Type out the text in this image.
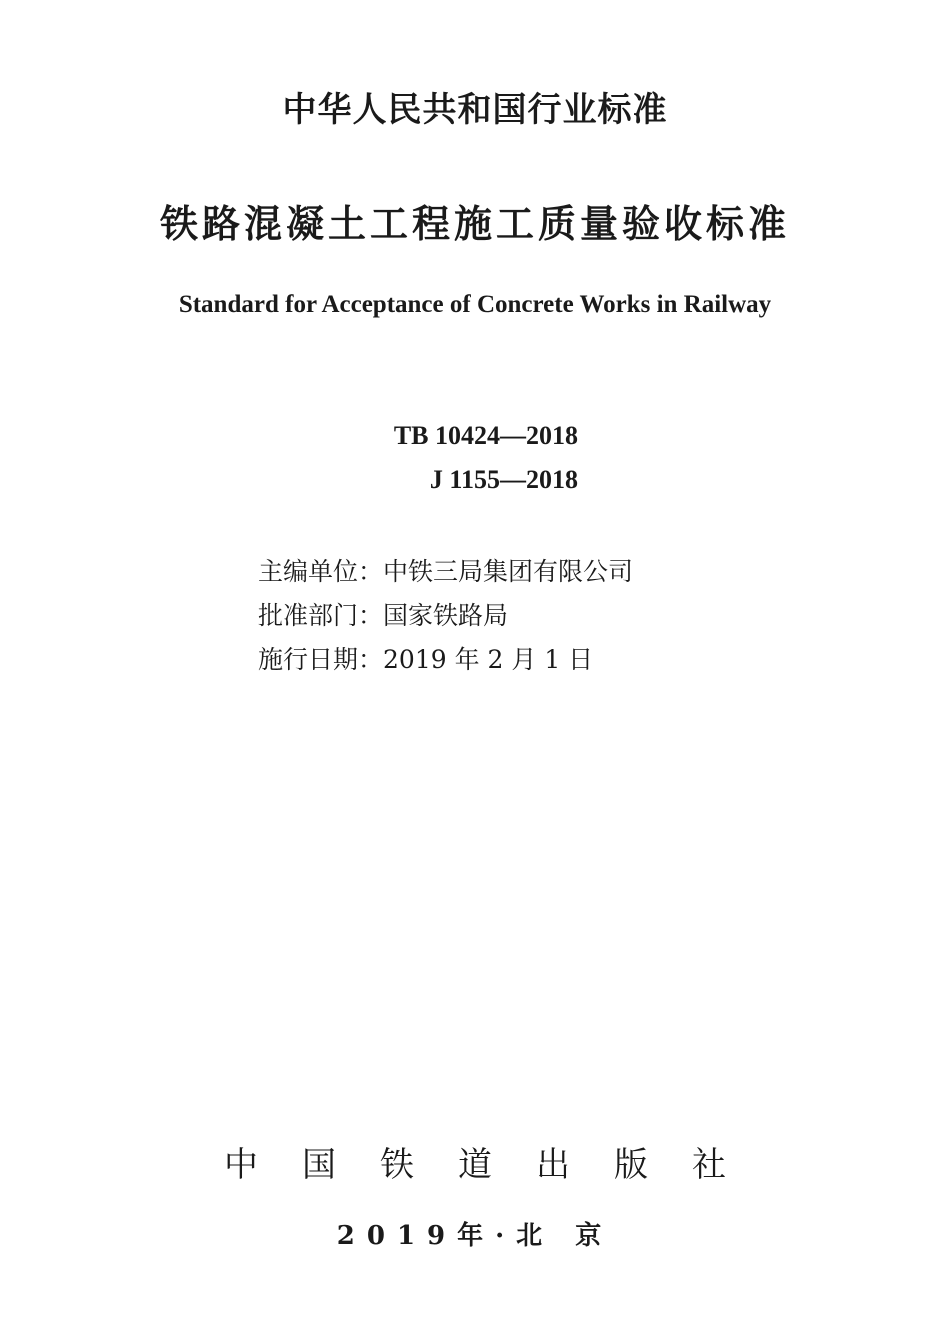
中华人民共和国行业标准
铁路混凝土工程施工质量验收标准
Standard for Acceptance of Concrete Works in Railway
TB 10424—2018
J 1155—2018
主编单位： 中铁三局集团有限公司
批准部门： 国家铁路局
施行日期： 2019 年 2 月 1 日
中	国	铁	道	出	版	社
2019年·北 京
